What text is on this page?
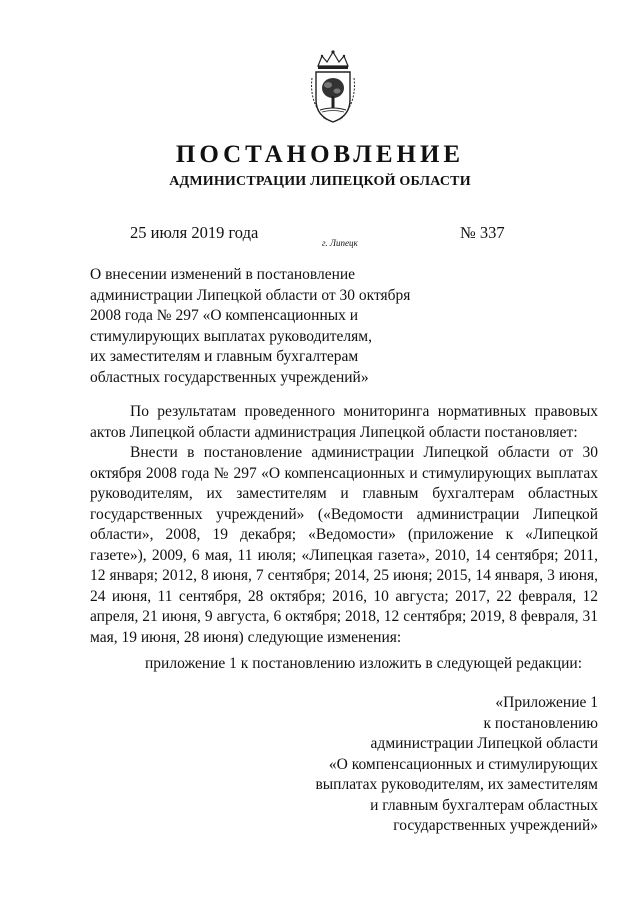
ПОСТАНОВЛЕНИЕ
АДМИНИСТРАЦИИ ЛИПЕЦКОЙ ОБЛАСТИ
25 июля 2019 года
г. Липецк
№ 337
О внесении изменений в постановление
администрации Липецкой области от 30 октября
2008 года № 297 «О компенсационных и
стимулирующих выплатах руководителям,
их заместителям и главным бухгалтерам
областных государственных учреждений»
По результатам проведенного мониторинга нормативных правовых актов Липецкой области администрация Липецкой области постановляет:
Внести в постановление администрации Липецкой области от 30 октября 2008 года № 297 «О компенсационных и стимулирующих выплатах руководителям, их заместителям и главным бухгалтерам областных государственных учреждений» («Ведомости администрации Липецкой области», 2008, 19 декабря; «Ведомости» (приложение к «Липецкой газете»), 2009, 6 мая, 11 июля; «Липецкая газета», 2010, 14 сентября; 2011, 12 января; 2012, 8 июня, 7 сентября; 2014, 25 июня; 2015, 14 января, 3 июня, 24 июня, 11 сентября, 28 октября; 2016, 10 августа; 2017, 22 февраля, 12 апреля, 21 июня, 9 августа, 6 октября; 2018, 12 сентября; 2019, 8 февраля, 31 мая, 19 июня, 28 июня) следующие изменения:
приложение 1 к постановлению изложить в следующей редакции:
«Приложение 1
к постановлению
администрации Липецкой области
«О компенсационных и стимулирующих
выплатах руководителям, их заместителям
и главным бухгалтерам областных
государственных учреждений»
